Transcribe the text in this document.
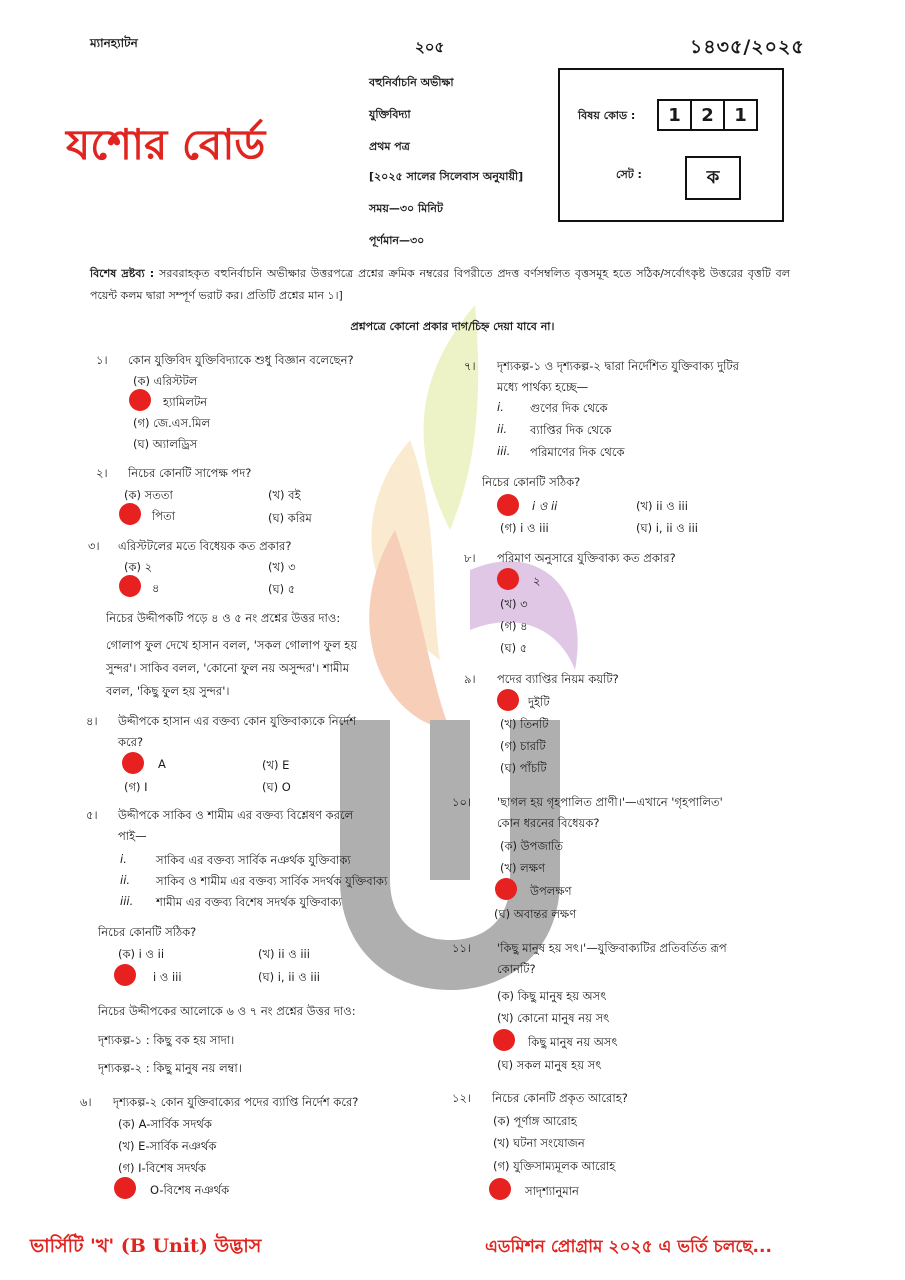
ম্যানহ্যাটন	২০৫	১৪৩৫/২০২৫
যশোর বোর্ড
বহুনির্বাচনি অভীক্ষা
যুক্তিবিদ্যা
প্রথম পত্র
[২০২৫ সালের সিলেবাস অনুযায়ী]
সময়—৩০ মিনিট
পূর্ণমান—৩০
বিষয় কোড :	1	2	1
সেট :	ক
বিশেষ দ্রষ্টব্য : সরবরাহকৃত বহুনির্বাচনি অভীক্ষার উত্তরপত্রে প্রশ্নের ক্রমিক নম্বরের বিপরীতে প্রদত্ত বর্ণসম্বলিত বৃত্তসমূহ হতে সঠিক/সর্বোৎকৃষ্ট উত্তরের বৃত্তটি বল পয়েন্ট কলম দ্বারা সম্পূর্ণ ভরাট কর। প্রতিটি প্রশ্নের মান ১।]
প্রশ্নপত্রে কোনো প্রকার দাগ/চিহ্ন দেয়া যাবে না।
১। কোন যুক্তিবিদ যুক্তিবিদ্যাকে শুধু বিজ্ঞান বলেছেন?
(ক) এরিস্টটল
হ্যামিলটন
(গ) জে.এস.মিল
(ঘ) অ্যালড্রিস
২। নিচের কোনটি সাপেক্ষ পদ?
(ক) সততা	(খ) বই
পিতা	(ঘ) করিম
৩। এরিস্টটলের মতে বিধেয়ক কত প্রকার?
(ক) ২	(খ) ৩
৪	(ঘ) ৫
নিচের উদ্দীপকটি পড়ে ৪ ও ৫ নং প্রশ্নের উত্তর দাও:
গোলাপ ফুল দেখে হাসান বলল, 'সকল গোলাপ ফুল হয়
সুন্দর'। সাকিব বলল, 'কোনো ফুল নয় অসুন্দর'। শামীম
বলল, 'কিছু ফুল হয় সুন্দর'।
৪। উদ্দীপকে হাসান এর বক্তব্য কোন যুক্তিবাক্যকে নির্দেশ
করে?
A	(খ) E
(গ) I	(ঘ) O
৫। উদ্দীপকে সাকিব ও শামীম এর বক্তব্য বিশ্লেষণ করলে
পাই—
i.	সাকিব এর বক্তব্য সার্বিক নঞর্থক যুক্তিবাক্য
ii. সাকিব ও শামীম এর বক্তব্য সার্বিক সদর্থক যুক্তিবাক্য
iii. শামীম এর বক্তব্য বিশেষ সদর্থক যুক্তিবাক্য
নিচের কোনটি সঠিক?
(ক) i ও ii	(খ) ii ও iii
i ও iii	(ঘ) i, ii ও iii
নিচের উদ্দীপকের আলোকে ৬ ও ৭ নং প্রশ্নের উত্তর দাও:
দৃশ্যকল্প-১ : কিছু বক হয় সাদা।
দৃশ্যকল্প-২ : কিছু মানুষ নয় লম্বা।
৬। দৃশ্যকল্প-২ কোন যুক্তিবাক্যের পদের ব্যাপ্তি নির্দেশ করে?
(ক) A-সার্বিক সদর্থক
(খ) E-সার্বিক নঞর্থক
(গ) I-বিশেষ সদর্থক
O-বিশেষ নঞর্থক
৭। দৃশ্যকল্প-১ ও দৃশ্যকল্প-২ দ্বারা নির্দেশিত যুক্তিবাক্য দুটির
মধ্যে পার্থক্য হচ্ছে—
i. গুণের দিক থেকে
ii. ব্যাপ্তির দিক থেকে
iii. পরিমাণের দিক থেকে
নিচের কোনটি সঠিক?
i ও ii	(খ) ii ও iii
(গ) i ও iii	(ঘ) i, ii ও iii
৮। পরিমাণ অনুসারে যুক্তিবাক্য কত প্রকার?
২
(খ) ৩
(গ) ৪
(ঘ) ৫
৯। পদের ব্যাপ্তির নিয়ম কয়টি?
দুইটি
(খ) তিনটি
(গ) চারটি
(ঘ) পাঁচটি
১০। 'ছাগল হয় গৃহপালিত প্রাণী।'—এখানে 'গৃহপালিত'
কোন ধরনের বিধেয়ক?
(ক) উপজাতি
(খ) লক্ষণ
উপলক্ষণ
(ঘ) অবান্তর লক্ষণ
১১। 'কিছু মানুষ হয় সৎ।'—যুক্তিবাক্যটির প্রতিবর্তিত রূপ
কোনটি?
(ক) কিছু মানুষ হয় অসৎ
(খ) কোনো মানুষ নয় সৎ
কিছু মানুষ নয় অসৎ
(ঘ) সকল মানুষ হয় সৎ
১২। নিচের কোনটি প্রকৃত আরোহ?
(ক) পূর্ণাঙ্গ আরোহ
(খ) ঘটনা সংযোজন
(গ) যুক্তিসাম্যমূলক আরোহ
সাদৃশ্যানুমান
ভার্সিটি 'খ' (B Unit) উদ্ভাস	এডমিশন প্রোগ্রাম ২০২৫ এ ভর্তি চলছে...
